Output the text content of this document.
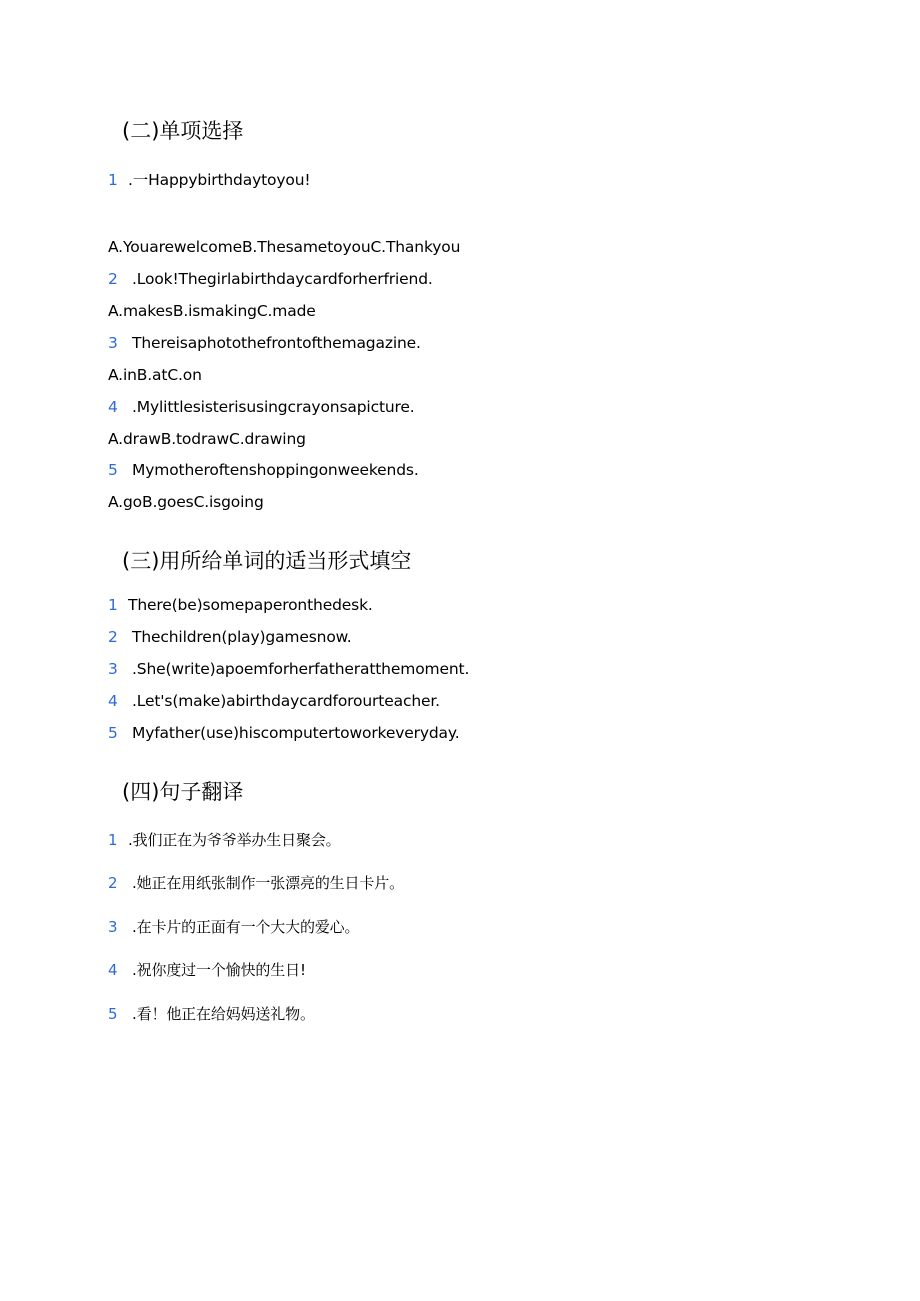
(二)单项选择
1 .一Happybirthdaytoyou!
A.YouarewelcomeB.ThesametoyouC.Thankyou
2 .Look!Thegirlabirthdaycardforherfriend.
A.makesB.ismakingC.made
3 Thereisaphotothefrontofthemagazine.
A.inB.atC.on
4 .Mylittlesisterisusingcrayonsapicture.
A.drawB.todrawC.drawing
5 Mymotheroftenshoppingonweekends.
A.goB.goesC.isgoing
(三)用所给单词的适当形式填空
1 There(be)somepaperonthedesk.
2 Thechildren(play)gamesnow.
3 .She(write)apoemforherfatheratthemoment.
4 .Let's(make)abirthdaycardforourteacher.
5 Myfather(use)hiscomputertoworkeveryday.
(四)句子翻译
1 .我们正在为爷爷举办生日聚会。
2 .她正在用纸张制作一张漂亮的生日卡片。
3 .在卡片的正面有一个大大的爱心。
4 .祝你度过一个愉快的生日!
5 .看！他正在给妈妈送礼物。
